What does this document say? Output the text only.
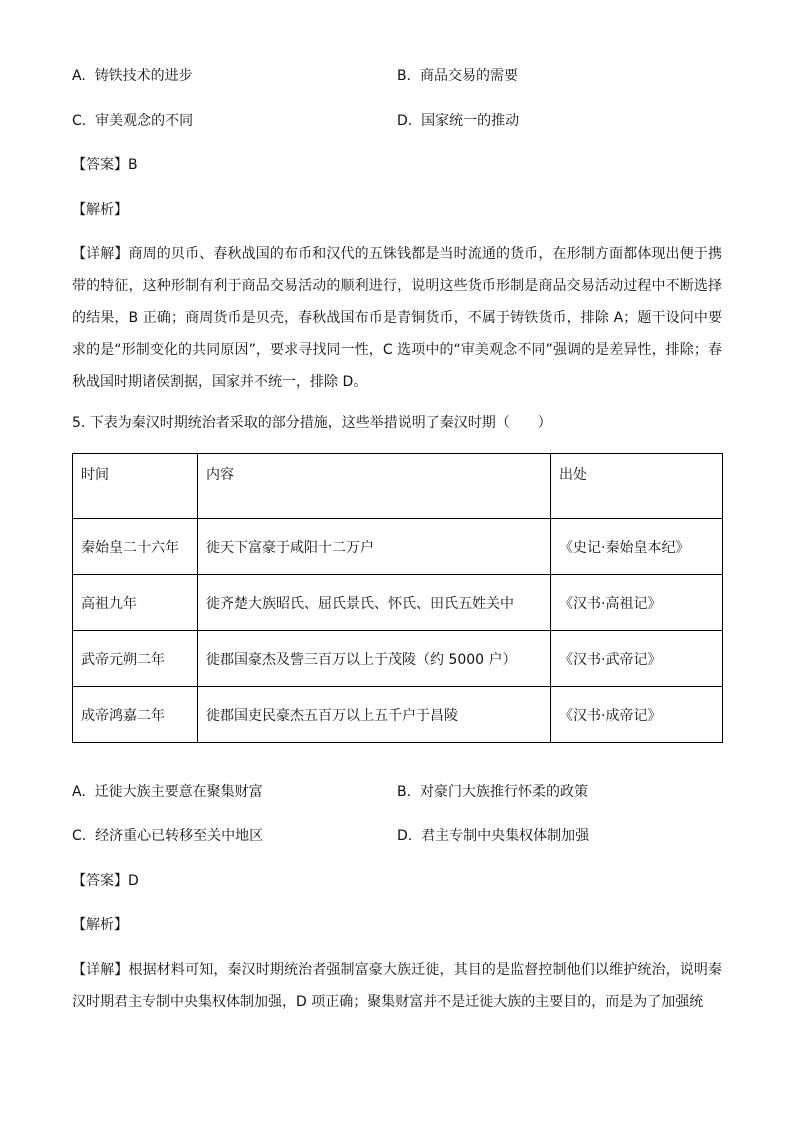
A. 铸铁技术的进步	B. 商品交易的需要
C. 审美观念的不同	D. 国家统一的推动
【答案】B
【解析】
【详解】商周的贝币、春秋战国的布币和汉代的五铢钱都是当时流通的货币，在形制方面都体现出便于携带的特征，这种形制有利于商品交易活动的顺利进行，说明这些货币形制是商品交易活动过程中不断选择的结果，B 正确；商周货币是贝壳，春秋战国布币是青铜货币，不属于铸铁货币，排除 A；题干设问中要求的是“形制变化的共同原因”，要求寻找同一性，C 选项中的“审美观念不同”强调的是差异性，排除；春秋战国时期诸侯割据，国家并不统一，排除 D。
5. 下表为秦汉时期统治者采取的部分措施，这些举措说明了秦汉时期（　　）
时间	内容	出处
秦始皇二十六年	徙天下富豪于咸阳十二万户	《史记·秦始皇本纪》
高祖九年	徙齐楚大族昭氏、屈氏景氏、怀氏、田氏五姓关中	《汉书·高祖记》
武帝元朔二年	徙郡国豪杰及訾三百万以上于茂陵（约 5000 户）	《汉书·武帝记》
成帝鸿嘉二年	徙郡国吏民豪杰五百万以上五千户于昌陵	《汉书·成帝记》
A. 迁徙大族主要意在聚集财富	B. 对豪门大族推行怀柔的政策
C. 经济重心已转移至关中地区	D. 君主专制中央集权体制加强
【答案】D
【解析】
【详解】根据材料可知，秦汉时期统治者强制富豪大族迁徙，其目的是监督控制他们以维护统治，说明秦汉时期君主专制中央集权体制加强，D 项正确；聚集财富并不是迁徙大族的主要目的，而是为了加强统
